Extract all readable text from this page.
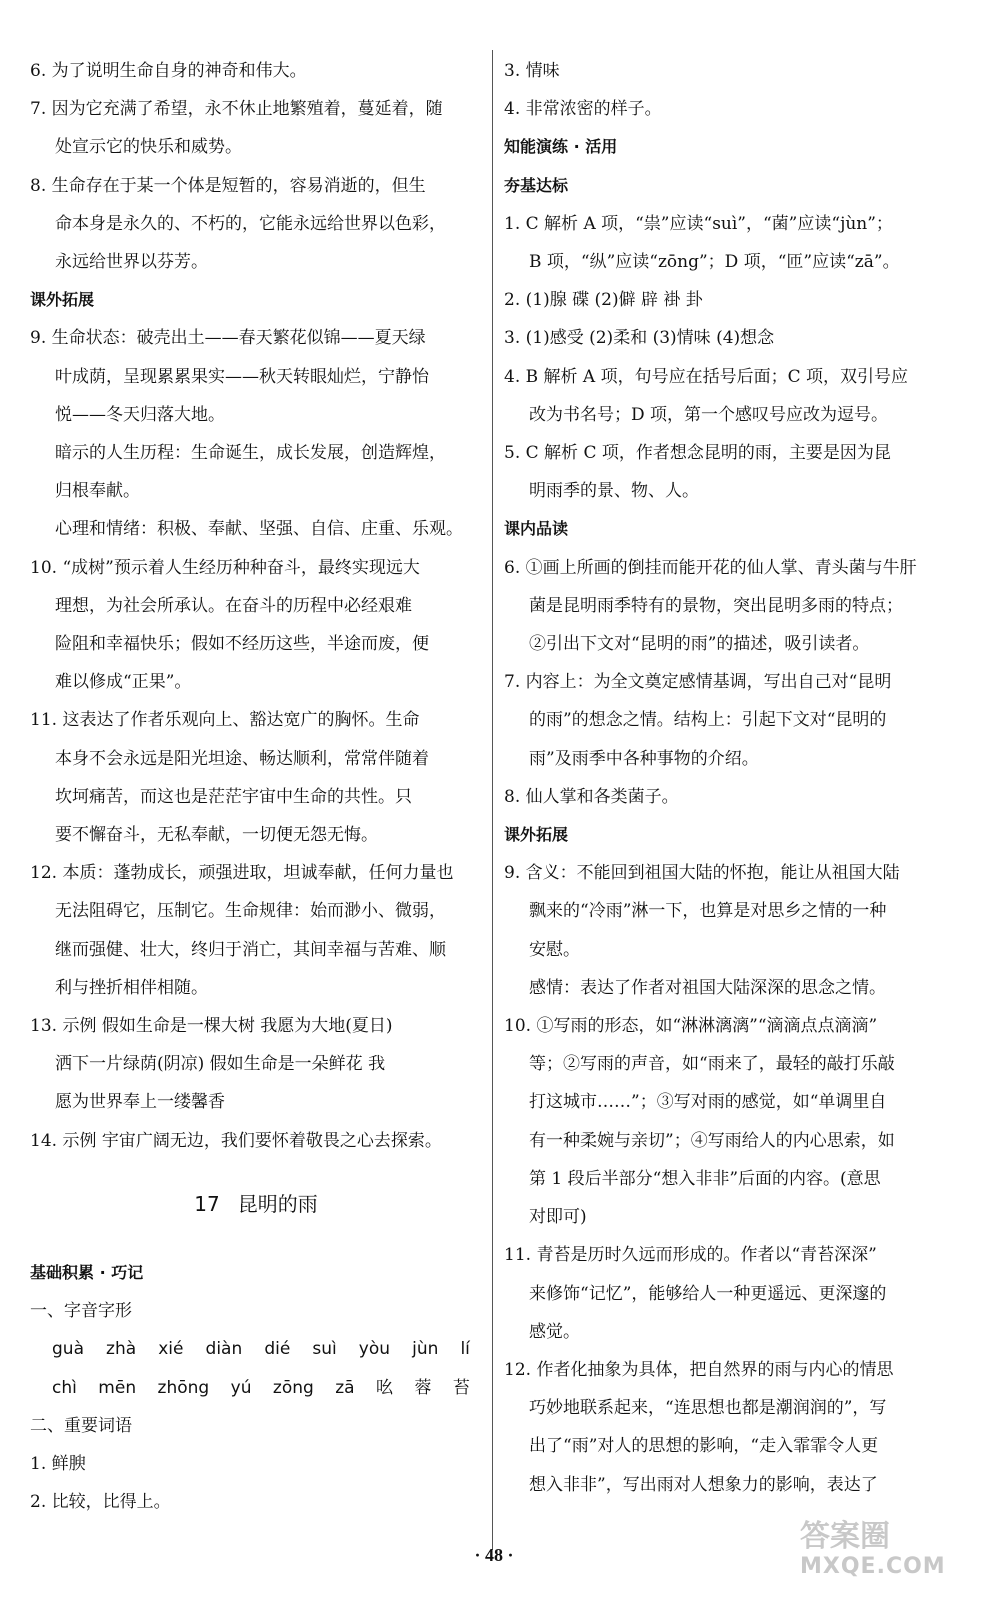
6. 为了说明生命自身的神奇和伟大。

7. 因为它充满了希望，永不休止地繁殖着，蔓延着，随

处宣示它的快乐和威势。

8. 生命存在于某一个体是短暂的，容易消逝的，但生

命本身是永久的、不朽的，它能永远给世界以色彩，

永远给世界以芬芳。

课外拓展

9. 生命状态：破壳出土——春天繁花似锦——夏天绿

叶成荫，呈现累累果实——秋天转眼灿烂，宁静怡

悦——冬天归落大地。

暗示的人生历程：生命诞生，成长发展，创造辉煌，

归根奉献。

心理和情绪：积极、奉献、坚强、自信、庄重、乐观。

10. “成树”预示着人生经历种种奋斗，最终实现远大

理想，为社会所承认。在奋斗的历程中必经艰难

险阻和幸福快乐；假如不经历这些，半途而废，便

难以修成“正果”。

11. 这表达了作者乐观向上、豁达宽广的胸怀。生命

本身不会永远是阳光坦途、畅达顺利，常常伴随着

坎坷痛苦，而这也是茫茫宇宙中生命的共性。只

要不懈奋斗，无私奉献，一切便无怨无悔。

12. 本质：蓬勃成长，顽强进取，坦诚奉献，任何力量也

无法阻碍它，压制它。生命规律：始而渺小、微弱，

继而强健、壮大，终归于消亡，其间幸福与苦难、顺

利与挫折相伴相随。

13. 示例 假如生命是一棵大树 我愿为大地(夏日)

洒下一片绿荫(阴凉) 假如生命是一朵鲜花 我

愿为世界奉上一缕馨香

14. 示例 宇宙广阔无边，我们要怀着敬畏之心去探索。

17 昆明的雨

基础积累 · 巧记

一、字音字形

guà zhà xié diàn dié suì yòu jùn lí
chì mēn zhōng yú zōng zā 吆 蓉 苔

二、重要词语

1. 鲜腴

2. 比较，比得上。

3. 情味

4. 非常浓密的样子。

知能演练 · 活用

夯基达标

1. C 解析 A 项，“祟”应读“suì”，“菌”应读“jùn”；

B 项，“纵”应读“zōng”；D 项，“匝”应读“zā”。

2. (1)腺 碟 (2)僻 辟 褂 卦

3. (1)感受 (2)柔和 (3)情味 (4)想念

4. B 解析 A 项，句号应在括号后面；C 项，双引号应

改为书名号；D 项，第一个感叹号应改为逗号。

5. C 解析 C 项，作者想念昆明的雨，主要是因为昆

明雨季的景、物、人。

课内品读

6. ①画上所画的倒挂而能开花的仙人掌、青头菌与牛肝

菌是昆明雨季特有的景物，突出昆明多雨的特点；

②引出下文对“昆明的雨”的描述，吸引读者。

7. 内容上：为全文奠定感情基调，写出自己对“昆明

的雨”的想念之情。结构上：引起下文对“昆明的

雨”及雨季中各种事物的介绍。

8. 仙人掌和各类菌子。

课外拓展

9. 含义：不能回到祖国大陆的怀抱，能让从祖国大陆

飘来的“冷雨”淋一下，也算是对思乡之情的一种

安慰。

感情：表达了作者对祖国大陆深深的思念之情。

10. ①写雨的形态，如“淋淋漓漓”“滴滴点点滴滴”

等；②写雨的声音，如“雨来了，最轻的敲打乐敲

打这城市……”；③写对雨的感觉，如“单调里自

有一种柔婉与亲切”；④写雨给人的内心思索，如

第 1 段后半部分“想入非非”后面的内容。(意思

对即可)

11. 青苔是历时久远而形成的。作者以“青苔深深”

来修饰“记忆”，能够给人一种更遥远、更深邃的

感觉。

12. 作者化抽象为具体，把自然界的雨与内心的情思

巧妙地联系起来，“连思想也都是潮润润的”，写

出了“雨”对人的思想的影响，“走入霏霏令人更

想入非非”，写出雨对人想象力的影响，表达了

· 48 ·
答案圈
MXQE.COM
